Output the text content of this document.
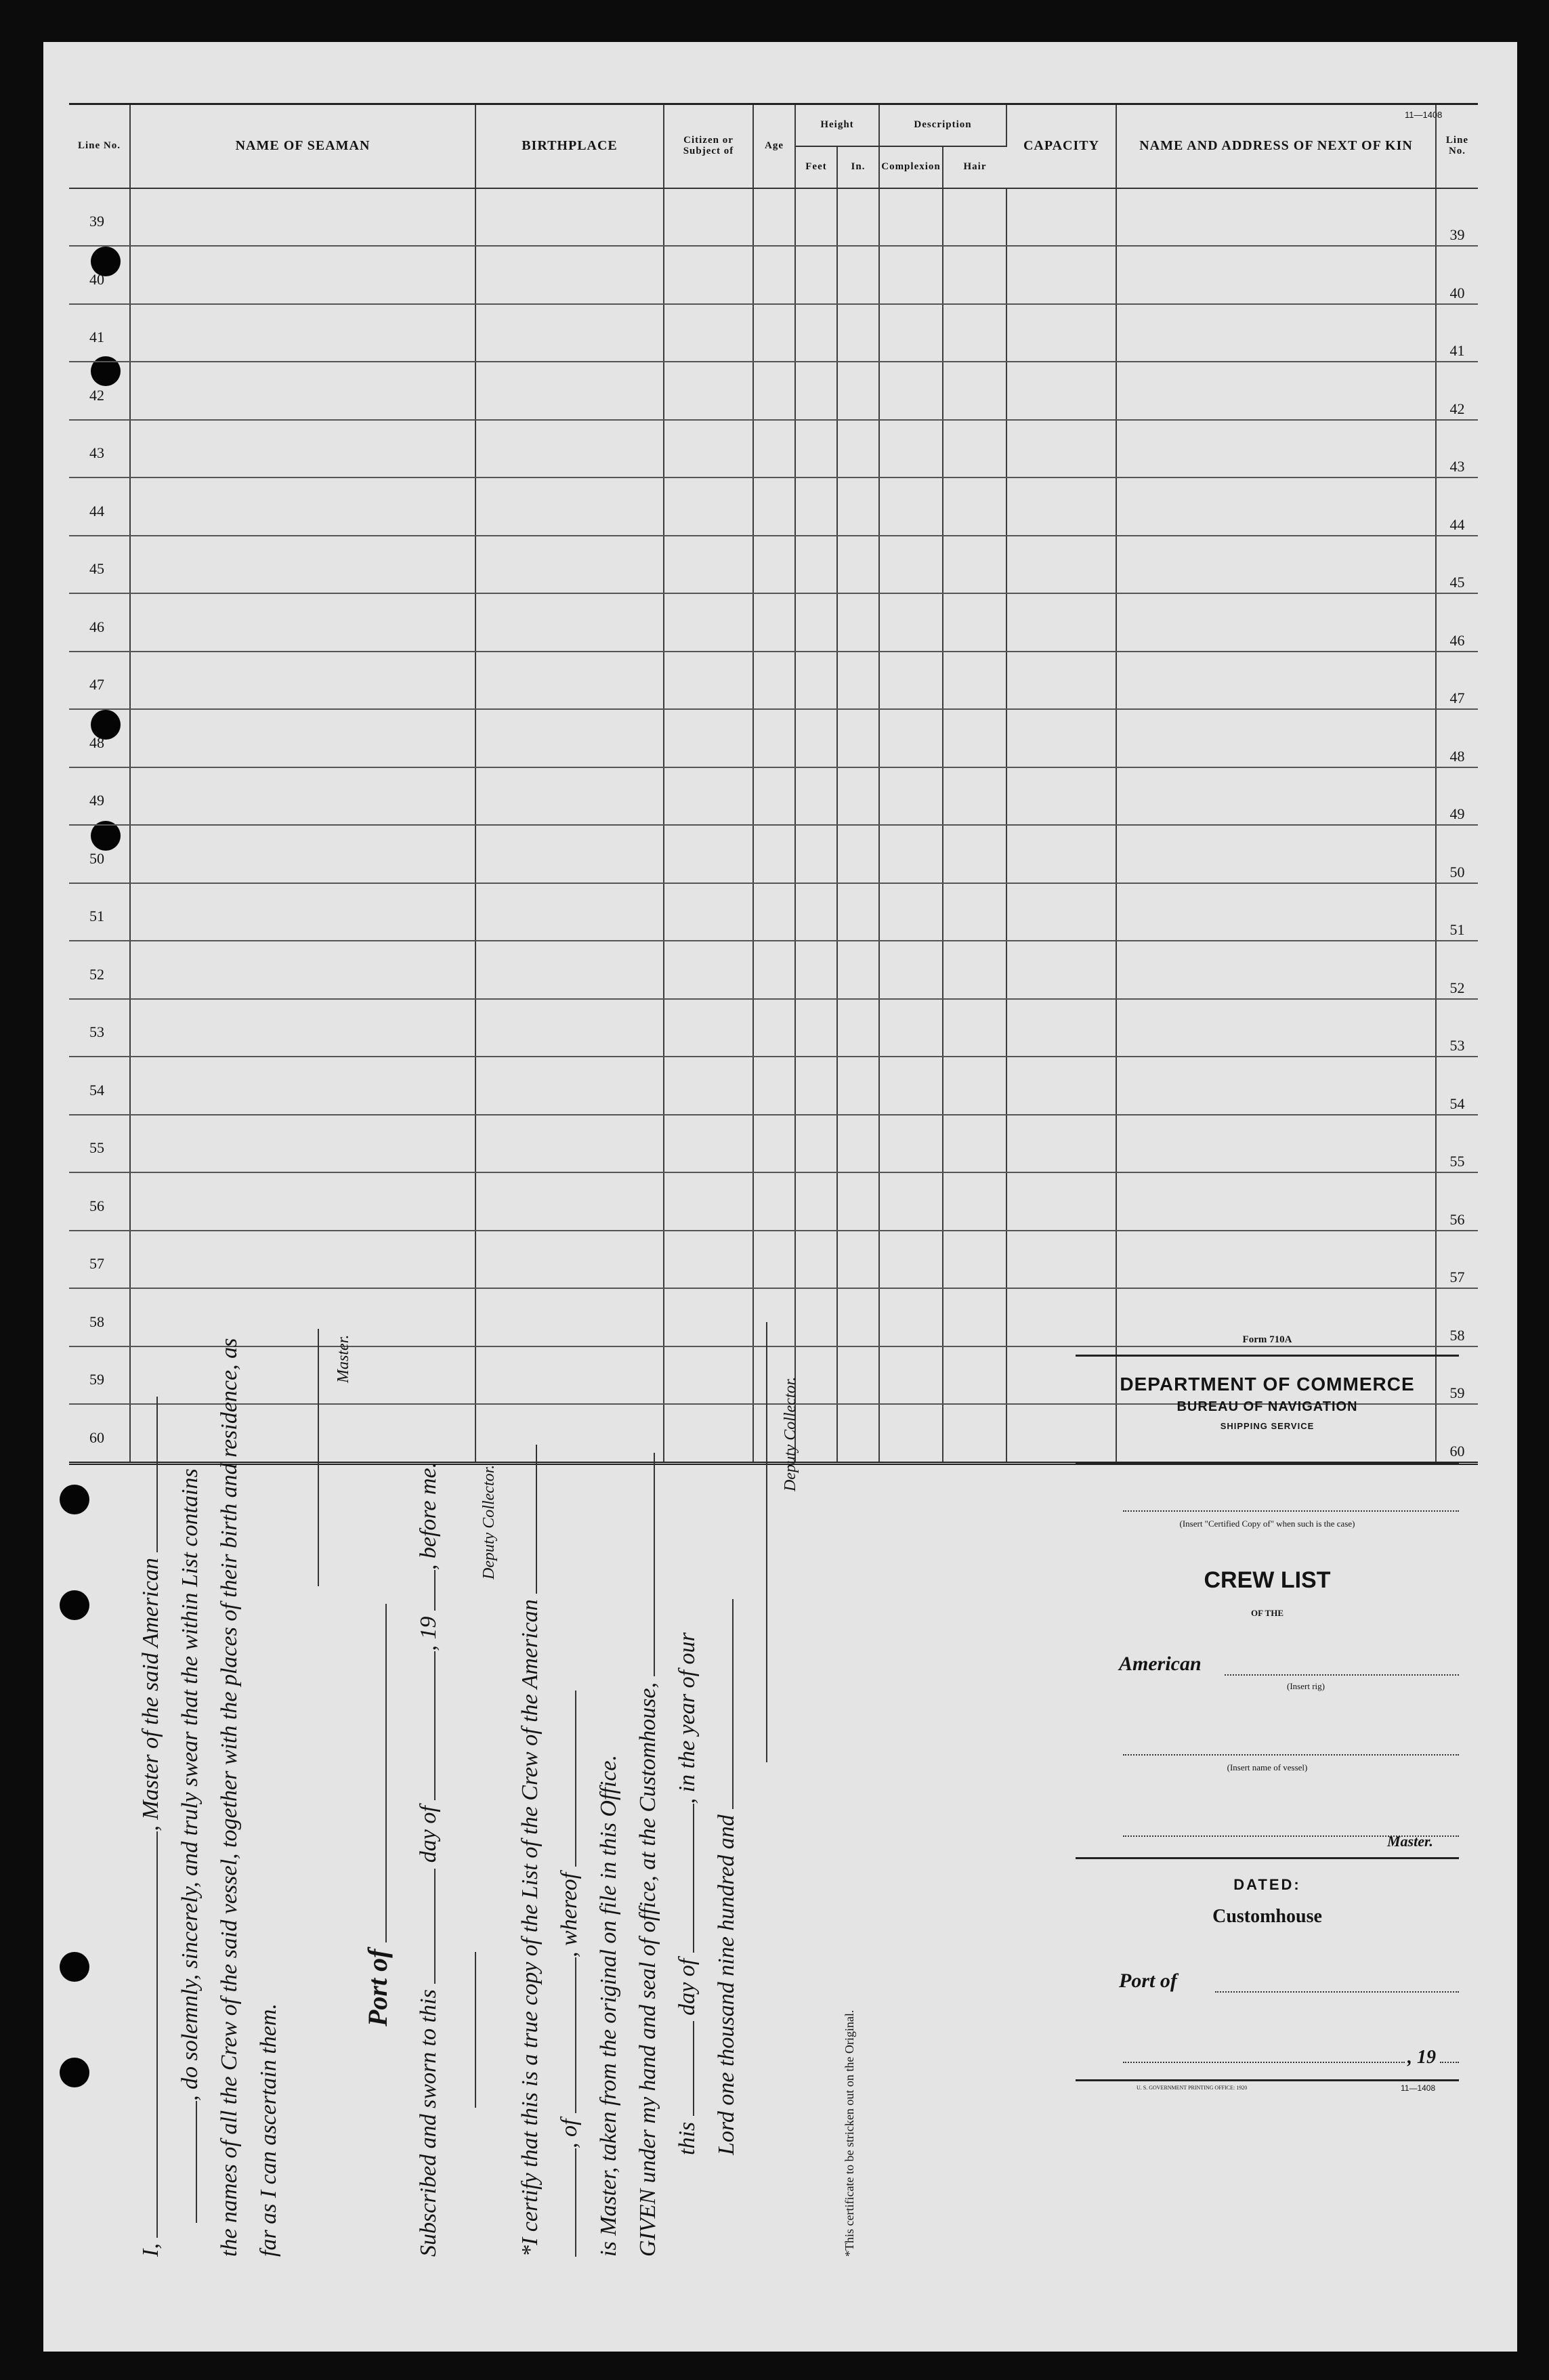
11—1408
Line No.	NAME OF SEAMAN	BIRTHPLACE	Citizen or Subject of	Age	Height		Description		CAPACITY	NAME AND ADDRESS OF NEXT OF KIN	Line No.
					Feet	In.	Complexion	Hair			
39											39
40											40
41											41
42											42
43											43
44											44
45											45
46											46
47											47
48											48
49											49
50											50
51											51
52											52
53											53
54											54
55											55
56											56
57											57
58											58
59											59
60											60
I, , Master of the said American , do solemnly, sincerely, and truly swear that the within List contains the names of all the Crew of the said vessel, together with the places of their birth and residence, as far as I can ascertain them.
Master.
Port of
Subscribed and sworn to this  day of , 19 , before me. Deputy Collector.
*I certify that this is a true copy of the List of the Crew of the American , of , whereof is Master, taken from the original on file in this Office. GIVEN under my hand and seal of office, at the Customhouse, this  day of , in the year of our
Lord one thousand nine hundred and
Deputy Collector.
*This certificate to be stricken out on the Original.
Form 710A
DEPARTMENT OF COMMERCE
BUREAU OF NAVIGATION
SHIPPING SERVICE
(Insert "Certified Copy of" when such is the case)
CREW LIST
OF THE
American
(Insert rig)
(Insert name of vessel)
Master.
DATED:
Customhouse
Port of
, 19
U. S. GOVERNMENT PRINTING OFFICE: 1920	11—1408
